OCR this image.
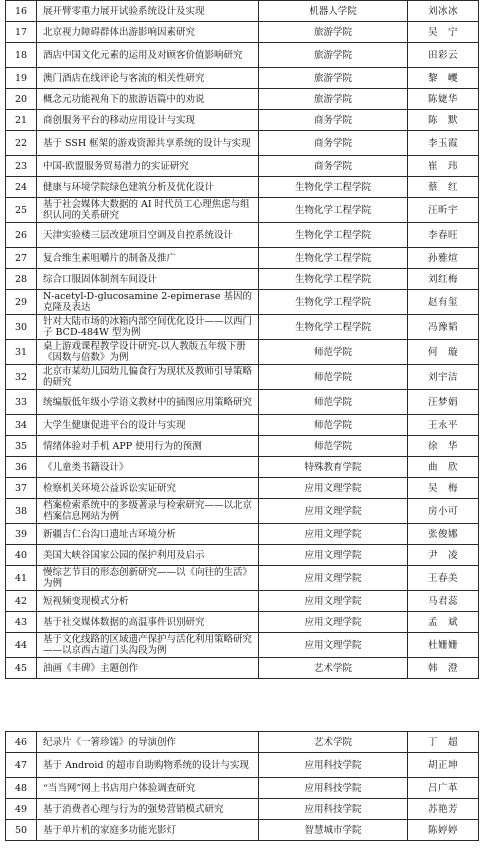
16	展开臂零重力展开试验系统设计及实现	机器人学院	刘冰冰
17	北京视力障碍群体出游影响因素研究	旅游学院	吴　宁
18	酒店中国文化元素的运用及对顾客价值影响研究	旅游学院	田彩云
19	澳门酒店在线评论与客流的相关性研究	旅游学院	黎　巎
20	概念元功能视角下的旅游语篇中的劝说	旅游学院	陈婕华
21	商创服务平台的移动应用设计与实现	商务学院	陈　默
22	基于 SSH 框架的游戏资源共享系统的设计与实现	商务学院	李玉霞
23	中国-欧盟服务贸易潜力的实证研究	商务学院	崔　玮
24	健康与环境学院绿色建筑分析及优化设计	生物化学工程学院	蔡　红
25	基于社会媒体大数据的 AI 时代员工心理焦虑与组织认同的关系研究	生物化学工程学院	汪昕宇
26	天津实验楼三层改建项目空调及自控系统设计	生物化学工程学院	李春旺
27	复合维生素咀嚼片的制备及推广	生物化学工程学院	孙雅煊
28	综合口服固体制剂车间设计	生物化学工程学院	刘红梅
29	N-acetyl-D-glucosamine 2-epimerase 基因的克隆及表达	生物化学工程学院	赵有玺
30	针对大陆市场的冰箱内部空间优化设计——以西门子 BCD-484W 型为例	生物化学工程学院	冯豫韬
31	桌上游戏课程教学设计研究-以人教版五年级下册《因数与倍数》为例	师范学院	何　璇
32	北京市某幼儿园幼儿偏食行为现状及教师引导策略的研究	师范学院	刘宇洁
33	统编版低年级小学语文教材中的插图应用策略研究	师范学院	汪梦娟
34	大学生健康促进平台的设计与实现	师范学院	王永平
35	情绪体验对手机 APP 使用行为的预测	师范学院	徐　华
36	《儿童类书籍设计》	特殊教育学院	曲　欣
37	检察机关环境公益诉讼实证研究	应用文理学院	吴　梅
38	档案检索系统中的多级著录与检索研究——以北京档案信息网站为例	应用文理学院	房小可
39	新疆吉仁台沟口遗址古环境分析	应用文理学院	张俊娜
40	美国大峡谷国家公园的保护利用及启示	应用文理学院	尹　凌
41	慢综艺节目的形态创新研究——以《向往的生活》为例	应用文理学院	王春美
42	短视频变现模式分析	应用文理学院	马君蕊
43	基于社交媒体数据的高温事件识别研究	应用文理学院	孟　斌
44	基于文化线路的区域遗产保护与活化利用策略研究——以京西古道门头沟段为例	应用文理学院	杜姗姗
45	油画《丰碑》主题创作	艺术学院	韩　澄
46	纪录片《一箸珍馐》的导演创作	艺术学院	丁　超
47	基于 Android 的超市自助购物系统的设计与实现	应用科技学院	胡正坤
48	“当当网”网上书店用户体验调查研究	应用科技学院	吕广革
49	基于消费者心理与行为的强势营销模式研究	应用科技学院	苏艳芳
50	基于单片机的家庭多功能光影灯	智慧城市学院	陈婷婷
